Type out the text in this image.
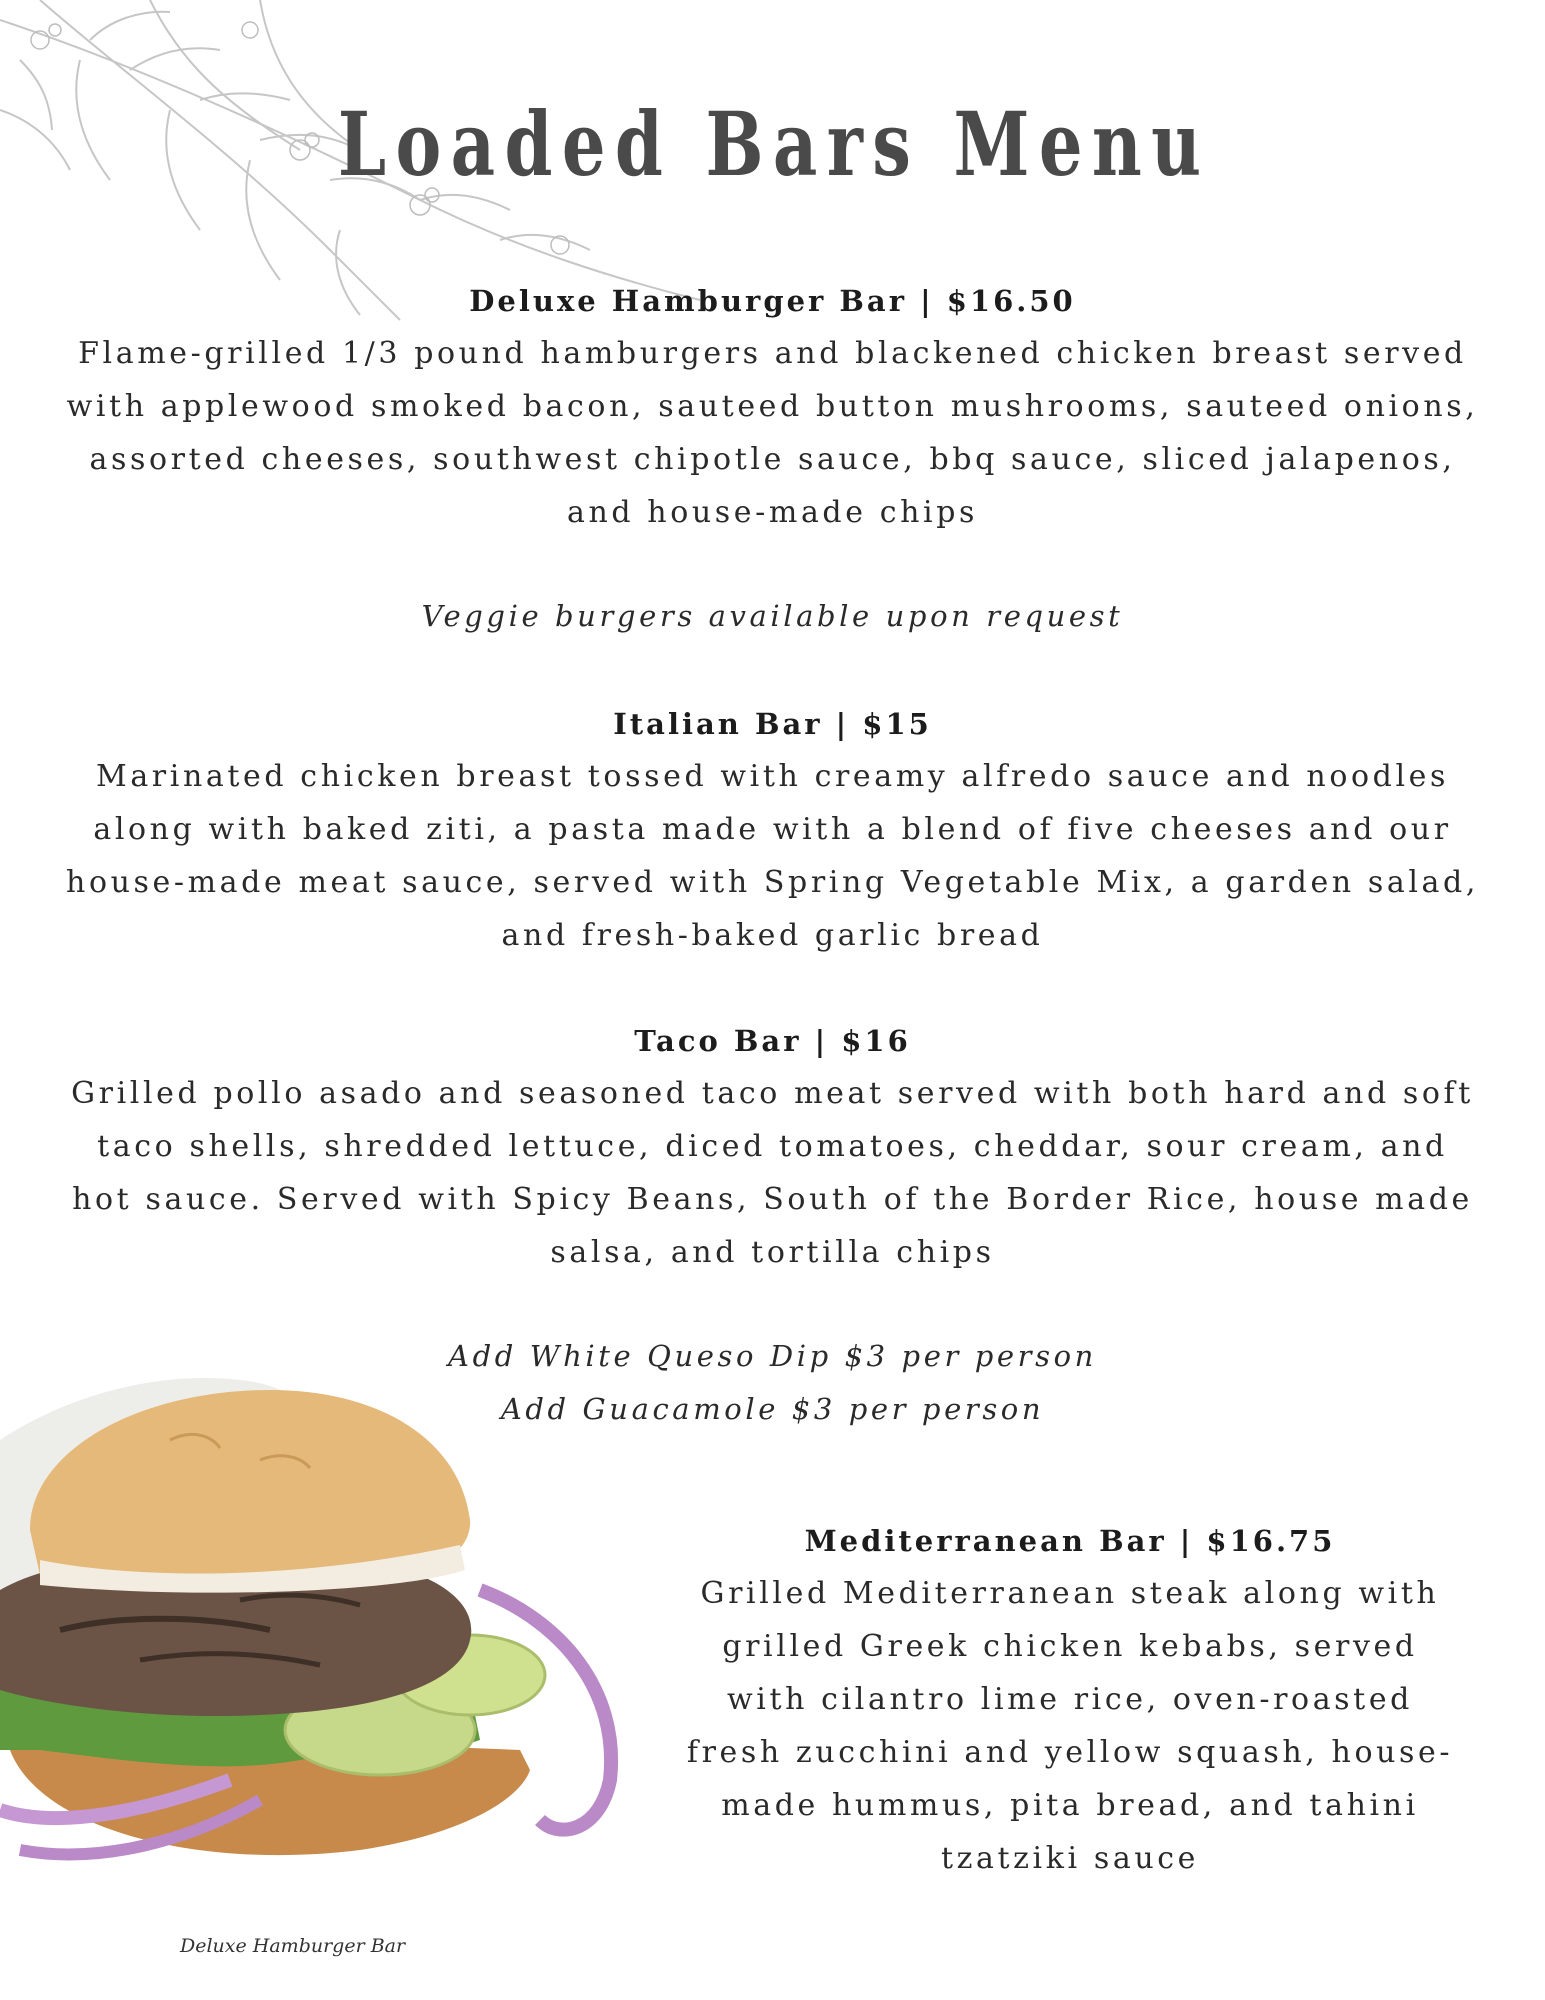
Loaded Bars Menu
Deluxe Hamburger Bar | $16.50

Flame-grilled 1/3 pound hamburgers and blackened chicken breast served

with applewood smoked bacon, sauteed button mushrooms, sauteed onions,

assorted cheeses, southwest chipotle sauce, bbq sauce, sliced jalapenos,

and house-made chips

Veggie burgers available upon request
Italian Bar | $15

Marinated chicken breast tossed with creamy alfredo sauce and noodles

along with baked ziti, a pasta made with a blend of five cheeses and our

house-made meat sauce, served with Spring Vegetable Mix, a garden salad,

and fresh-baked garlic bread

Taco Bar | $16

Grilled pollo asado and seasoned taco meat served with both hard and soft

taco shells, shredded lettuce, diced tomatoes, cheddar, sour cream, and

hot sauce. Served with Spicy Beans, South of the Border Rice, house made

salsa, and tortilla chips

Add White Queso Dip $3 per person
Add Guacamole $3 per person
Mediterranean Bar | $16.75

Grilled Mediterranean steak along with

grilled Greek chicken kebabs, served

with cilantro lime rice, oven-roasted

fresh zucchini and yellow squash, house-

made hummus, pita bread, and tahini

tzatziki sauce

Deluxe Hamburger Bar
